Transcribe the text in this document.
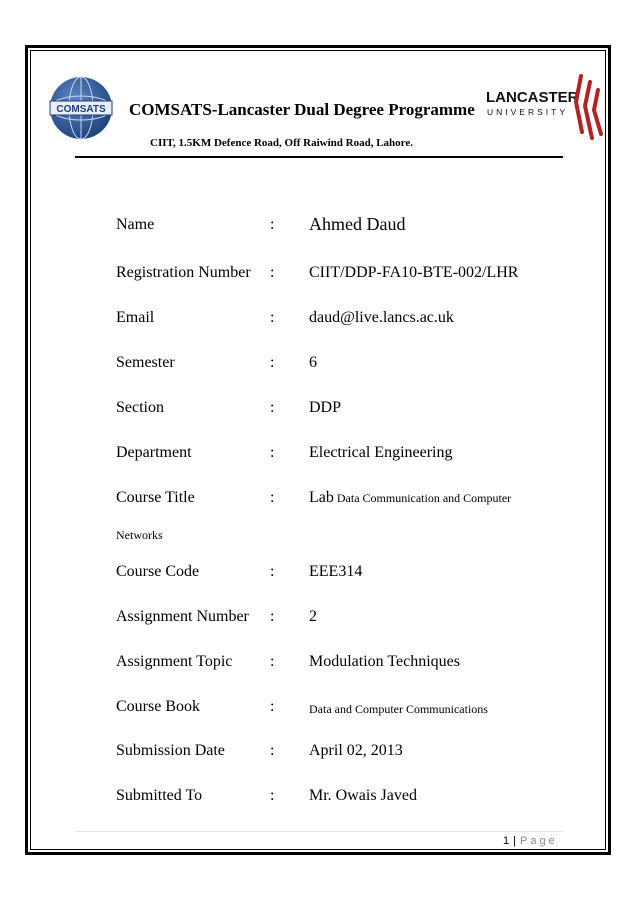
COMSATS
LANCASTER
UNIVERSITY
COMSATS-Lancaster Dual Degree Programme
CIIT, 1.5KM Defence Road, Off Raiwind Road, Lahore.
Name	: Ahmed Daud
Registration Number : CIIT/DDP-FA10-BTE-002/LHR
Email	: daud@live.lancs.ac.uk
Semester	: 6
Section	: DDP
Department	: Electrical Engineering
Course Title	: Lab Data Communication and Computer
Networks
Course Code	: EEE314
Assignment Number : 2
Assignment Topic : Modulation Techniques
Course Book	:	Data and Computer Communications
Submission Date	: April 02, 2013
Submitted To	: Mr. Owais Javed
1 | Page
